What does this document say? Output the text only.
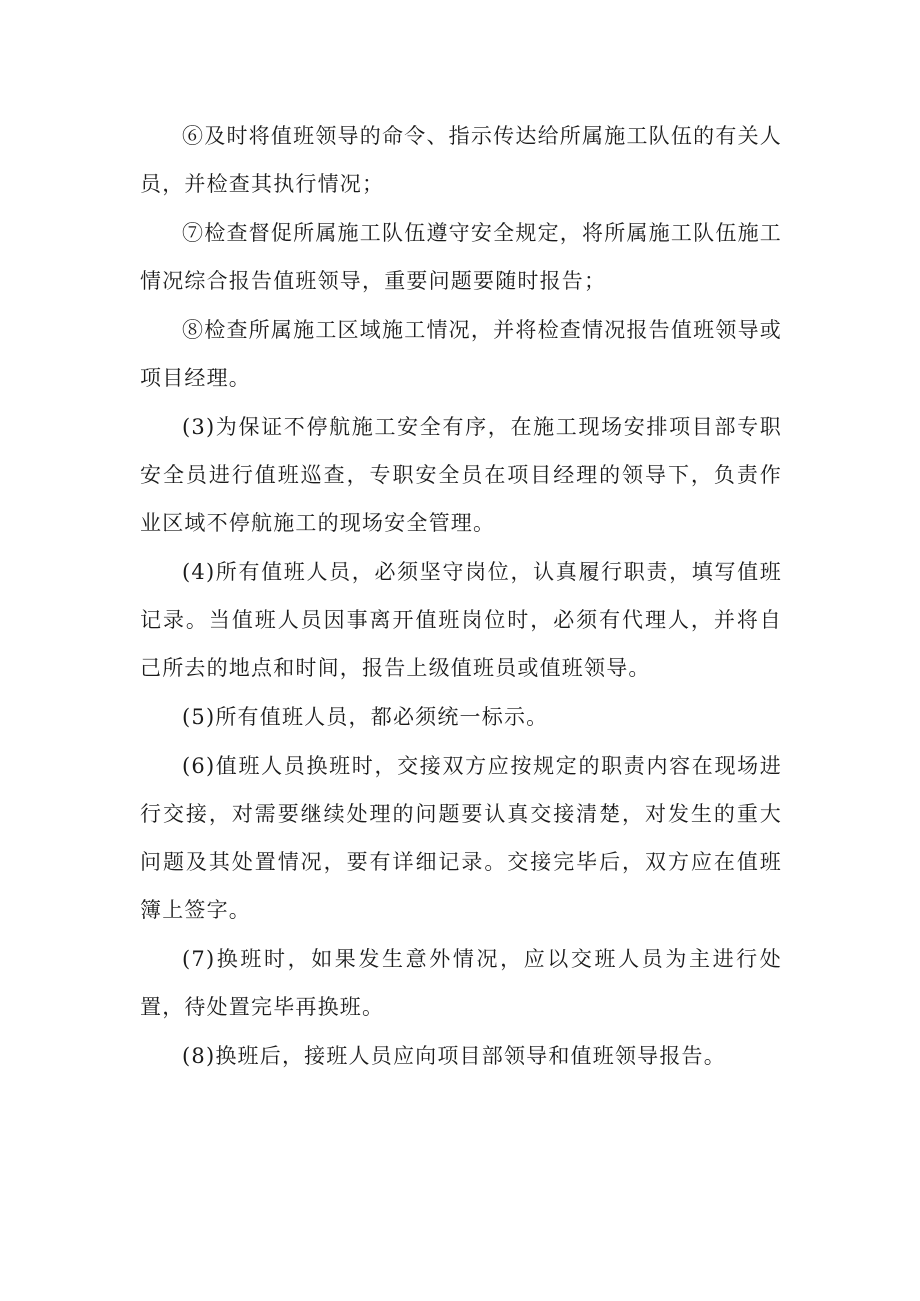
⑥及时将值班领导的命令、指示传达给所属施工队伍的有关人员，并检查其执行情况；

⑦检查督促所属施工队伍遵守安全规定，将所属施工队伍施工情况综合报告值班领导，重要问题要随时报告；

⑧检查所属施工区域施工情况，并将检查情况报告值班领导或项目经理。

(3)为保证不停航施工安全有序，在施工现场安排项目部专职安全员进行值班巡查，专职安全员在项目经理的领导下，负责作业区域不停航施工的现场安全管理。

(4)所有值班人员，必须坚守岗位，认真履行职责，填写值班记录。当值班人员因事离开值班岗位时，必须有代理人，并将自己所去的地点和时间，报告上级值班员或值班领导。

(5)所有值班人员，都必须统一标示。

(6)值班人员换班时，交接双方应按规定的职责内容在现场进行交接，对需要继续处理的问题要认真交接清楚，对发生的重大问题及其处置情况，要有详细记录。交接完毕后，双方应在值班簿上签字。

(7)换班时，如果发生意外情况，应以交班人员为主进行处置，待处置完毕再换班。

(8)换班后，接班人员应向项目部领导和值班领导报告。
